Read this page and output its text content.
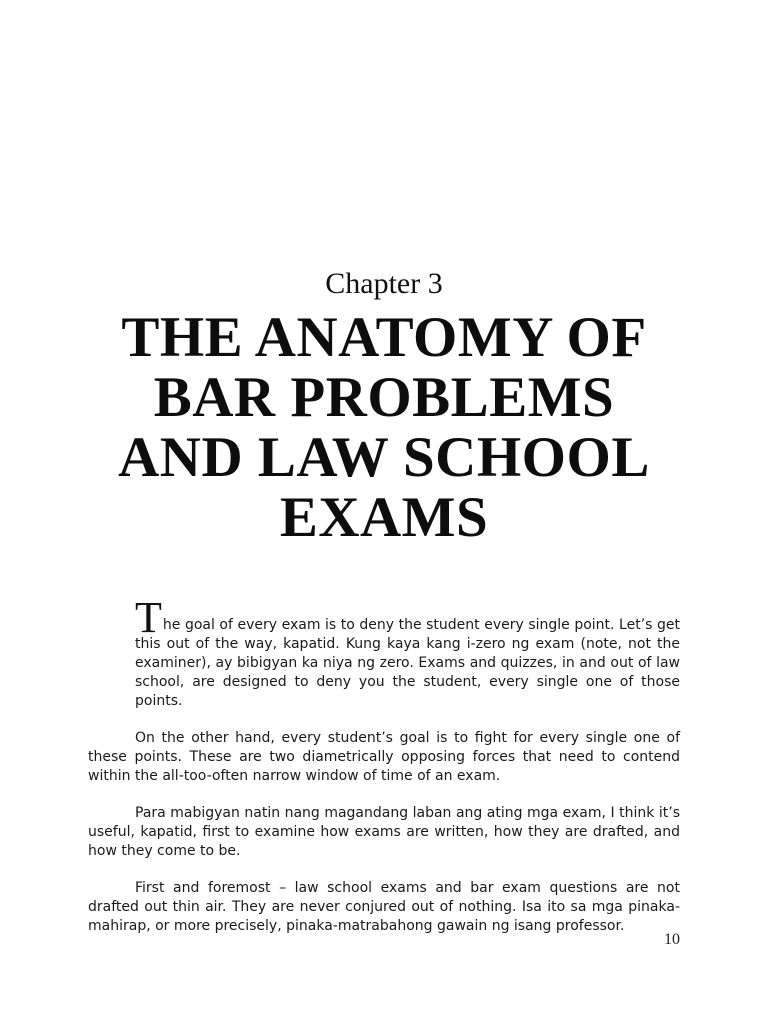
Chapter 3
THE ANATOMY OF
BAR PROBLEMS
AND LAW SCHOOL
EXAMS

The goal of every exam is to deny the student every single point. Let’s get this out of the way, kapatid. Kung kaya kang i-zero ng exam (note, not the examiner), ay bibigyan ka niya ng zero. Exams and quizzes, in and out of law school, are designed to deny you the student, every single one of those points.

On the other hand, every student’s goal is to fight for every single one of these points. These are two diametrically opposing forces that need to contend within the all-too-often narrow window of time of an exam.

Para mabigyan natin nang magandang laban ang ating mga exam, I think it’s useful, kapatid, first to examine how exams are written, how they are drafted, and how they come to be.

First and foremost – law school exams and bar exam questions are not drafted out thin air. They are never conjured out of nothing. Isa ito sa mga pinaka-mahirap, or more precisely, pinaka-matrabahong gawain ng isang professor.

10
